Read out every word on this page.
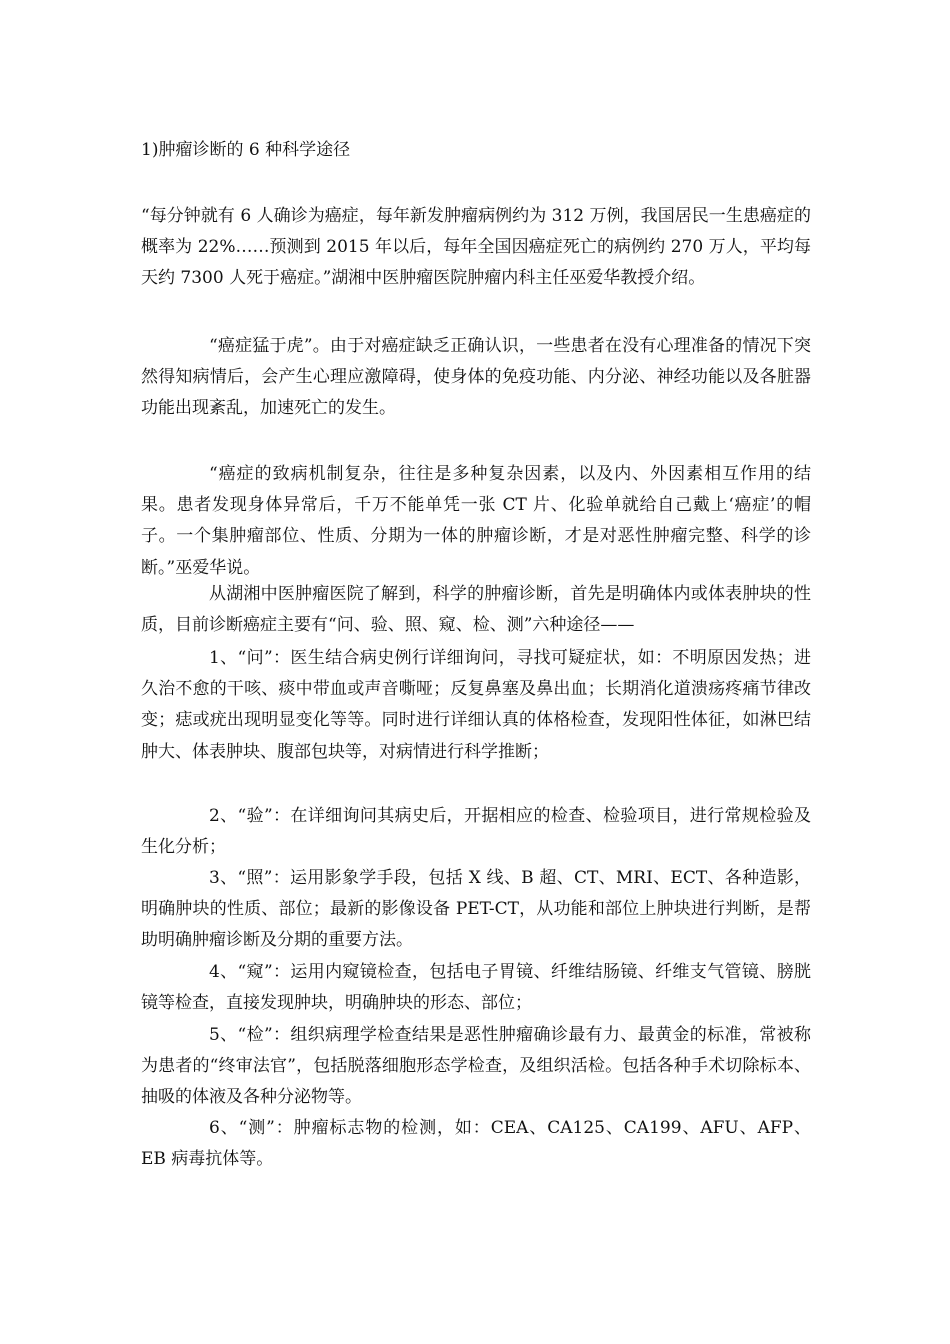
1)肿瘤诊断的 6 种科学途径

“每分钟就有 6 人确诊为癌症，每年新发肿瘤病例约为 312 万例，我国居民一生患癌症的概率为 22%……预测到 2015 年以后，每年全国因癌症死亡的病例约 270 万人，平均每天约 7300 人死于癌症。”湖湘中医肿瘤医院肿瘤内科主任巫爱华教授介绍。

“癌症猛于虎”。由于对癌症缺乏正确认识，一些患者在没有心理准备的情况下突然得知病情后，会产生心理应激障碍，使身体的免疫功能、内分泌、神经功能以及各脏器功能出现紊乱，加速死亡的发生。

“癌症的致病机制复杂，往往是多种复杂因素，以及内、外因素相互作用的结果。患者发现身体异常后，千万不能单凭一张 CT 片、化验单就给自己戴上‘癌症’的帽子。一个集肿瘤部位、性质、分期为一体的肿瘤诊断，才是对恶性肿瘤完整、科学的诊断。”巫爱华说。

从湖湘中医肿瘤医院了解到，科学的肿瘤诊断，首先是明确体内或体表肿块的性质，目前诊断癌症主要有“问、验、照、窥、检、测”六种途径——

1、“问”：医生结合病史例行详细询问，寻找可疑症状，如：不明原因发热；进久治不愈的干咳、痰中带血或声音嘶哑；反复鼻塞及鼻出血；长期消化道溃疡疼痛节律改变；痣或疣出现明显变化等等。同时进行详细认真的体格检查，发现阳性体征，如淋巴结肿大、体表肿块、腹部包块等，对病情进行科学推断；

2、“验”：在详细询问其病史后，开据相应的检查、检验项目，进行常规检验及生化分析；

3、“照”：运用影象学手段，包括 X 线、B 超、CT、MRI、ECT、各种造影，明确肿块的性质、部位；最新的影像设备 PET-CT，从功能和部位上肿块进行判断，是帮助明确肿瘤诊断及分期的重要方法。

4、“窥”：运用内窥镜检查，包括电子胃镜、纤维结肠镜、纤维支气管镜、膀胱镜等检查，直接发现肿块，明确肿块的形态、部位；

5、“检”：组织病理学检查结果是恶性肿瘤确诊最有力、最黄金的标准，常被称为患者的“终审法官”，包括脱落细胞形态学检查，及组织活检。包括各种手术切除标本、抽吸的体液及各种分泌物等。

6、“测”：肿瘤标志物的检测，如：CEA、CA125、CA199、AFU、AFP、EB 病毒抗体等。
